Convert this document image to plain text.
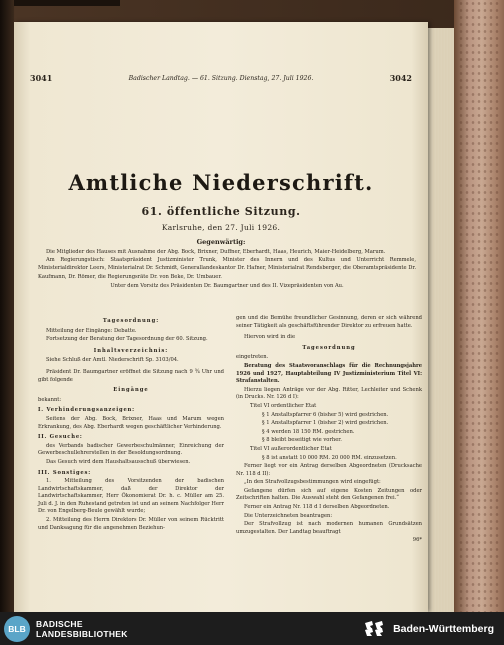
3041	Badischer Landtag. — 61. Sitzung. Dienstag, 27. Juli 1926.	3042
Amtliche Niederschrift.
61. öffentliche Sitzung.
Karlsruhe, den 27. Juli 1926.
Gegenwärtig:

Die Mitglieder des Hauses mit Ausnahme der Abg. Bock, Brixner, Duffner, Eberhardt, Haas, Heurich, Maier-Heidelberg, Marum.

Am Regierungstisch: Staatspräsident Justizminister Trunk, Minister des Innern und des Kultus und Unterricht Remmele, Ministerialdirektor Leers, Ministerialrat Dr. Schmidt, Generallandeskantor Dr. Hafner, Ministerialrat Rendsberger, die Oberamtspräsidente Dr. Kaufmann, Dr. Römer, die Regierungsräte Dr. von Beke, Dr. Umbauer.

Unter dem Vorsitz des Präsidenten Dr. Baumgartner und des II. Vizepräsidenten von Au.

Tagesordnung:

Mitteilung der Eingänge: Debatte.

Fortsetzung der Beratung der Tagesordnung der 60. Sitzung.

Inhaltsverzeichnis:

Siehe Schluß der Amtl. Niederschrift Sp. 3103/04.

Präsident Dr. Baumgartner eröffnet die Sitzung nach 9 ¾ Uhr und gibt folgende

Eingänge

bekannt:

I. Verhinderungsanzeigen:

Seitens der Abg. Bock, Brixner, Haas und Marum wegen Erkrankung, des Abg. Eberhardt wegen geschäftlicher Verhinderung.

II. Gesuche:

des Verbands badischer Gewerbeschulmänner, Einreichung der Gewerbeschullehrerstellen in der Besoldungsordnung.

Das Gesuch wird dem Haushaltsausschuß überwiesen.

III. Sonstiges:

1. Mitteilung des Vorsitzenden der badischen Landwirtschaftskammer, daß der Direktor der Landwirtschaftskammer, Herr Ökonomierat Dr. h. c. Müller am 25. Juli d. J. in den Ruhestand getreten ist und an seinem Nachfolger Herr Dr. von Engelberg-Beule gewählt wurde;

2. Mitteilung des Herrn Direktors Dr. Müller von seinem Rücktritt und Danksagung für die angenehmen Beziehun-

gen und die Bemühe freundlicher Gesinnung, deren er sich während seiner Tätigkeit als geschäftsführender Direktor zu erfreuen hatte.

Hiervon wird in die

Tagesordnung

eingetreten.

Beratung des Staatsvoranschlags für die Rechnungsjahre 1926 und 1927, Hauptabteilung IV Justizministerium Titel VI: Strafanstalten.

Hierzu liegen Anträge vor der Abg. Ritter, Lechleiter und Schenk (in Drucks. Nr. 126 d I):

Titel VI ordentlicher Etat

§ 1 Anstaltspfarrer 6 (bisher 5) wird gestrichen.

§ 1 Anstaltspfarrer 1 (bisher 2) wird gestrichen.

§ 4 werden 18 150 RM. gestrichen.

§ 8 bleibt beseitigt wie vorher.

Titel VI außerordentlicher Etat

§ 8 ist anstatt 10 000 RM. 20 000 RM. einzusetzen.

Ferner liegt vor ein Antrag derselben Abgeordneten (Drucksache Nr. 118 d II):

„In den Strafvollzugsbestimmungen wird eingefügt:

Gefangene dürfen sich auf eigene Kosten Zeitungen oder Zeitschriften halten. Die Auswahl steht den Gefangenen frei.“

Ferner ein Antrag Nr. 118 d I derselben Abgeordneten.

Die Unterzeichneten beantragen:

Der Strafvollzug ist nach modernen humanen Grundsätzen umzugestalten. Der Landtag beauftragt

96*

BLB	BADISCHE
LANDESBIBLIOTHEK	Baden-Württemberg
